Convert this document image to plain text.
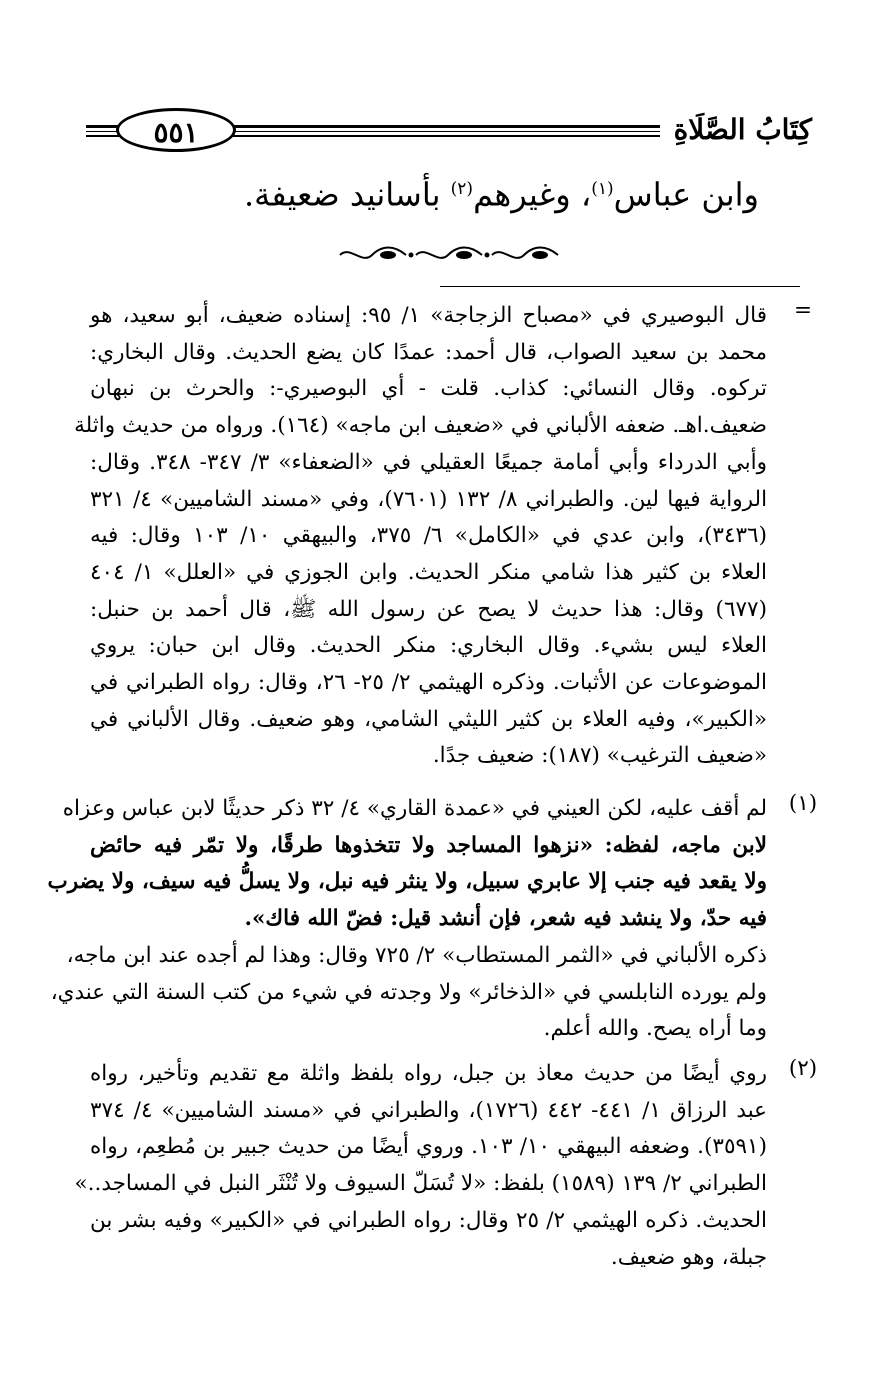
كِتَابُ الصَّلَاةِ
٥٥١

وابن عباس$^{(١)}$، وغيرهم$^{(٢)}$ بأسانيد ضعيفة.

=
قال البوصيري في «مصباح الزجاجة» ١/ ٩٥: إسناده ضعيف، أبو سعيد، هو
محمد بن سعيد الصواب، قال أحمد: عمدًا كان يضع الحديث. وقال البخاري:
تركوه. وقال النسائي: كذاب. قلت - أي البوصيري-: والحرث بن نبهان
ضعيف.اهـ. ضعفه الألباني في «ضعيف ابن ماجه» (١٦٤). ورواه من حديث واثلة
وأبي الدرداء وأبي أمامة جميعًا العقيلي في «الضعفاء» ٣/ ٣٤٧- ٣٤٨. وقال:
الرواية فيها لين. والطبراني ٨/ ١٣٢ (٧٦٠١)، وفي «مسند الشاميين» ٤/ ٣٢١
(٣٤٣٦)، وابن عدي في «الكامل» ٦/ ٣٧٥، والبيهقي ١٠/ ١٠٣ وقال: فيه
العلاء بن كثير هذا شامي منكر الحديث. وابن الجوزي في «العلل» ١/ ٤٠٤
(٦٧٧) وقال: هذا حديث لا يصح عن رسول الله ﷺ، قال أحمد بن حنبل:
العلاء ليس بشيء. وقال البخاري: منكر الحديث. وقال ابن حبان: يروي
الموضوعات عن الأثبات. وذكره الهيثمي ٢/ ٢٥- ٢٦، وقال: رواه الطبراني في
«الكبير»، وفيه العلاء بن كثير الليثي الشامي، وهو ضعيف. وقال الألباني في
«ضعيف الترغيب» (١٨٧): ضعيف جدًا.
(١)
لم أقف عليه، لكن العيني في «عمدة القاري» ٤/ ٣٢ ذكر حديثًا لابن عباس وعزاه
لابن ماجه، لفظه: «نزهوا المساجد ولا تتخذوها طرقًا، ولا تمّر فيه حائض
ولا يقعد فيه جنب إلا عابري سبيل، ولا ينثر فيه نبل، ولا يسلُّ فيه سيف، ولا يضرب
فيه حدّ، ولا ينشد فيه شعر، فإن أنشد قيل: فضّ الله فاك».
ذكره الألباني في «الثمر المستطاب» ٢/ ٧٢٥ وقال: وهذا لم أجده عند ابن ماجه،
ولم يورده النابلسي في «الذخائر» ولا وجدته في شيء من كتب السنة التي عندي،
وما أراه يصح. والله أعلم.
(٢)
روي أيضًا من حديث معاذ بن جبل، رواه بلفظ واثلة مع تقديم وتأخير، رواه
عبد الرزاق ١/ ٤٤١- ٤٤٢ (١٧٢٦)، والطبراني في «مسند الشاميين» ٤/ ٣٧٤
(٣٥٩١). وضعفه البيهقي ١٠/ ١٠٣. وروي أيضًا من حديث جبير بن مُطعِم، رواه
الطبراني ٢/ ١٣٩ (١٥٨٩) بلفظ: «لا تُسَلّ السيوف ولا تُنْثَر النبل في المساجد..»
الحديث. ذكره الهيثمي ٢/ ٢٥ وقال: رواه الطبراني في «الكبير» وفيه بشر بن
جبلة، وهو ضعيف.
